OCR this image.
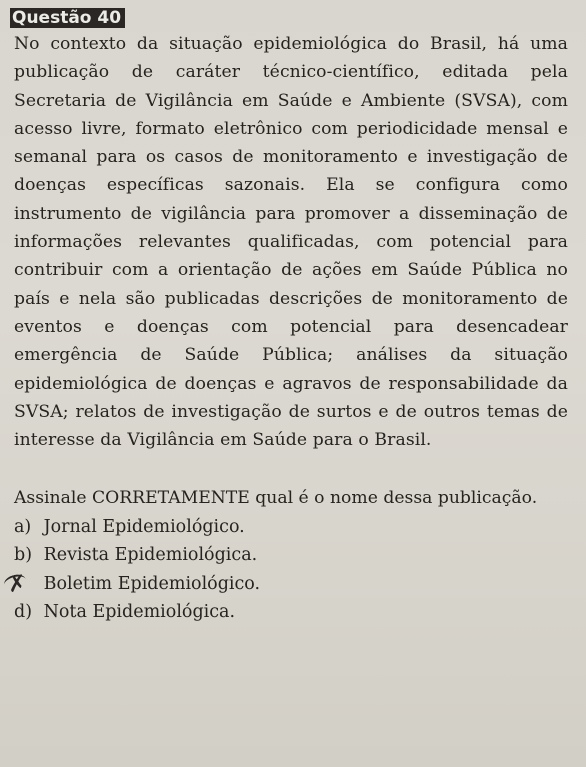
Questão 40

No contexto da situação epidemiológica do Brasil, há uma publicação de caráter técnico-científico, editada pela Secretaria de Vigilância em Saúde e Ambiente (SVSA), com acesso livre, formato eletrônico com periodicidade mensal e semanal para os casos de monitoramento e investigação de doenças específicas sazonais. Ela se configura como instrumento de vigilância para promover a disseminação de informações relevantes qualificadas, com potencial para contribuir com a orientação de ações em Saúde Pública no país e nela são publicadas descrições de monitoramento de eventos e doenças com potencial para desencadear emergência de Saúde Pública; análises da situação epidemiológica de doenças e agravos de responsabilidade da SVSA; relatos de investigação de surtos e de outros temas de interesse da Vigilância em Saúde para o Brasil.

Assinale CORRETAMENTE qual é o nome dessa publicação.

a) Jornal Epidemiológico.
b) Revista Epidemiológica.
✗ Boletim Epidemiológico.
d) Nota Epidemiológica.
